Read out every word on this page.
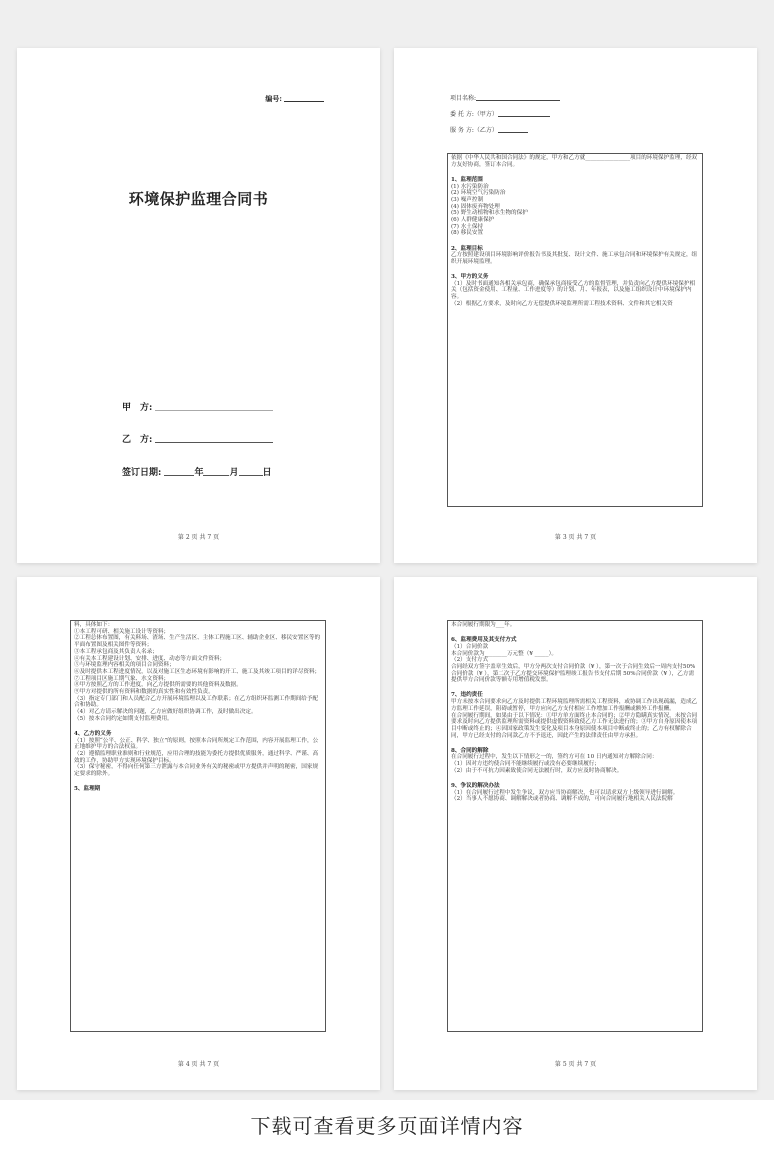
编号:
环境保护监理合同书
甲　方:
乙　方:
签订日期:	年	月	日
第 2 页 共 7 页
项目名称:
委 托 方:（甲方）
服 务 方:（乙方）

依据《中华人民共和国合同法》的规定，甲方和乙方就________________项目的环境保护监理，经双方友好协商，签订本合同。

1、监理范围

(1) 水污染防治

(2) 环境空气污染防治

(3) 噪声控制

(4) 固体废弃物处理

(5) 野生动植物和水生物的保护

(6) 人群健康保护

(7) 水土保持

(8) 移民安置

2、监理目标

乙方按照建设项目环境影响评价报告书及其批复、设计文件、施工承包合同和环境保护有关规定，组织开展环境监理。

3、甲方的义务

（1）及时书面通知各相关承包商，确保承包商接受乙方的监督管理，并负责向乙方提供环境保护相关（包括资金使用、工程量、工作进度等）的计划、月、年报表，以及施工组织设计中环境保护内容。

（2）根据乙方要求，及时向乙方无偿提供环境监理所需工程技术资料、文件和其它相关资

第 3 页 共 7 页

料，具体如下：

①本工程可研、相关施工设计等资料；

②工程总体布置图，有关料场、渣场、生产生活区、主体工程施工区、辅助企业区、移民安置区等的平面布置图及相关图件等资料；

③本工程承包商及其负责人名录；

④有关本工程建设计划、安排、进度、动态等方面文件资料；

⑤与环境监理内容相关的项目合同资料；

⑥及时提供本工程进度情况，以及对施工区生态环境有影响的开工、施工及其竣工项目的详尽资料；

⑦工程项目区施工期气象、水文资料；

⑧甲方按照乙方的工作进度，向乙方提供所需要的其他资料及数据。

⑨甲方对提供的所有资料和数据的真实性和有效性负责。

（3）指定专门部门和人员配合乙方开展环境监理以及工作联系；在乙方组织环监测工作期间给予配合和协助。

（4）对乙方请示解决的问题，乙方应做好组织协调工作，及时做出决定。

（5）按本合同约定如期支付监理费用。

4、乙方的义务

（1）按照“公平、公正、科学、独立”的原则，按照本合同所规定工作范围，内容开展监理工作，公正地维护甲方的合法权益。

（2）遵循监理职业准则和行业规范，应用合理的技能为委托方提供优质服务，通过科学、严谨、高效的工作，协助甲方实现环境保护目标。

（3）保守秘密，不得向任何第三方泄露与本合同业务有关的秘密或甲方提供并声明的秘密，国家规定要求的除外。

5、监理期

第 4 页 共 7 页

本合同履行期限为___年。

6、监理费用及其支付方式

（1）合同价款

本合同价款为________万元整（¥ _____）。

（2）支付方式

合同经双方签字盖章生效后，甲方分两次支付合同价款（¥ ），第一次于合同生效后一周内支付50%合同价款（¥ ），第二次于乙方提交环境保护监理竣工报告书支付后期 50%合同价款（¥ ），乙方需提供甲方合同价款等额专用增值税发票。

7、违约责任

甲方未按本合同要求向乙方及时提供工程环境监理所需相关工程资料，或协调工作出现疏漏，造成乙方监理工作延误，阻碍或暂停，甲方应向乙方支付相应工作增加工作报酬或额外工作报酬。

在合同履行期间，如果由于以下情况：①甲方单方面终止本合同的；②甲方隐瞒真实情况，未按合同要求及时向乙方提供监理所需资料或提供虚假资料致使乙方工作无法进行的；③甲方自身原因使本项目中断或终止的；④因国家政策发生变化及项目本身原因使本项目中断或终止的；乙方有权解除合同，甲方已经支付的合同款乙方不予退还，因此产生的法律责任由甲方承担。

8、合同的解除

在合同履行过程中，发生以下情形之一的，签约方可在 10 日内通知对方解除合同：

（1）因对方违约使合同不能继续履行或没有必要继续履行；

（2）由于不可抗力因素致使合同无法履行时，双方应及时协商解决。

9、争议的解决办法

（1）在合同履行过程中发生争议，双方应当协商解决，也可以请求双方上级领导进行调解。

（2）当事人不愿协商、调解解决或者协商、调解不成的，可向合同履行地相关人民法院解

第 5 页 共 7 页
下载可查看更多页面详情内容
